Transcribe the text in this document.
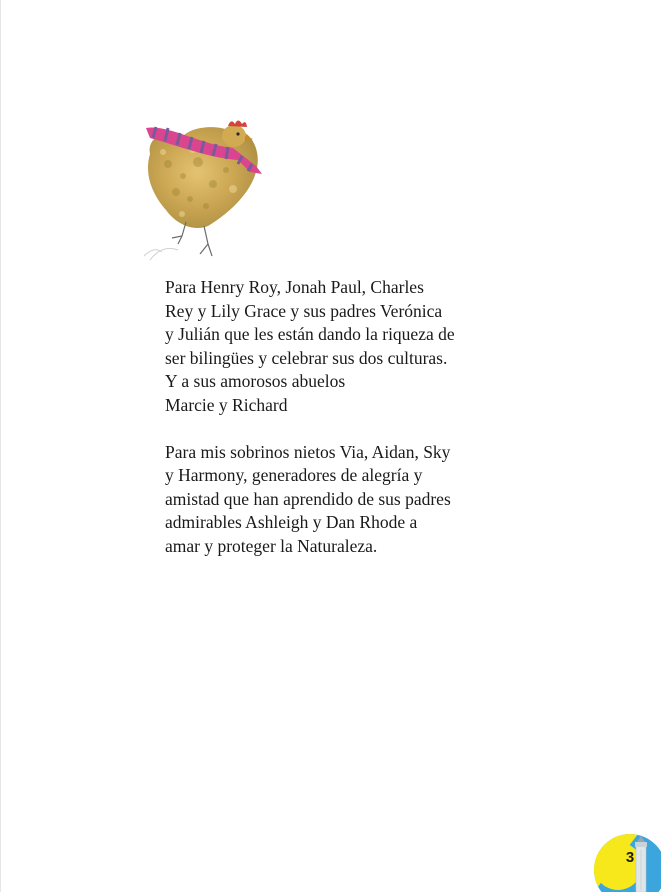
Para Henry Roy, Jonah Paul, Charles
Rey y Lily Grace y sus padres Verónica
y Julián que les están dando la riqueza de
ser bilingües y celebrar sus dos culturas.
Y a sus amorosos abuelos
Marcie y Richard

Para mis sobrinos nietos Via, Aidan, Sky
y Harmony, generadores de alegría y
amistad que han aprendido de sus padres
admirables Ashleigh y Dan Rhode a
amar y proteger la Naturaleza.

3
